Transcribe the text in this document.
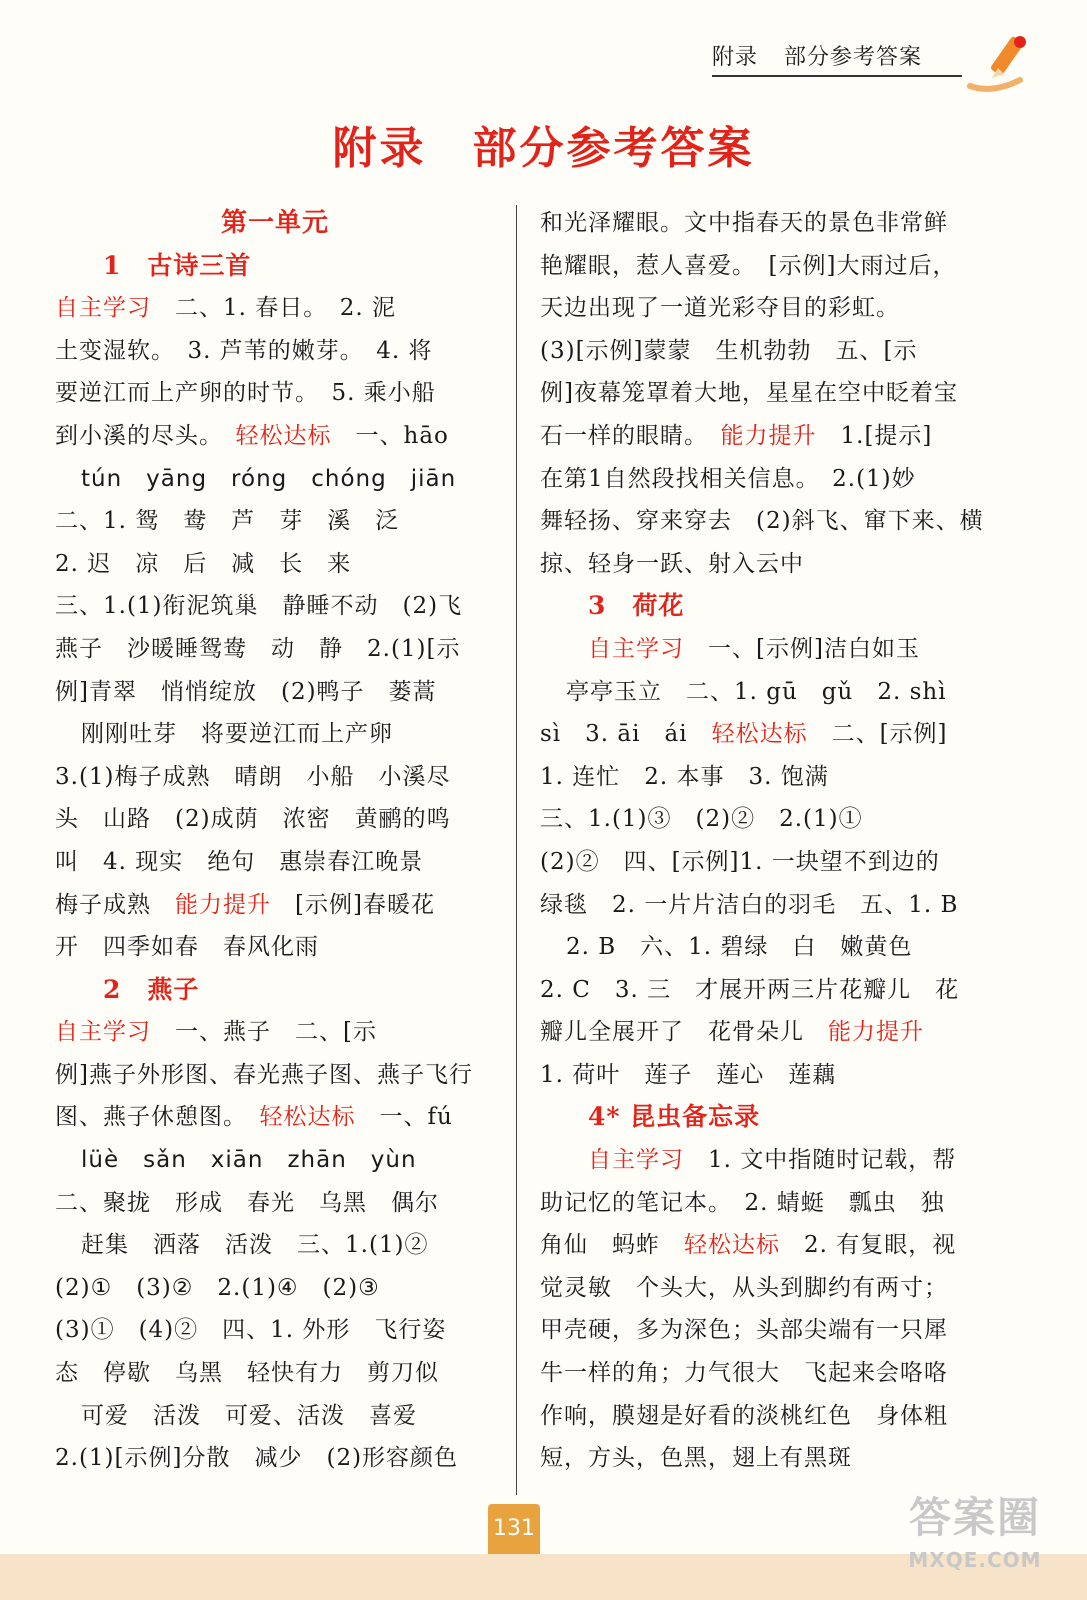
附录 部分参考答案
附录 部分参考答案
第一单元
1　古诗三首
自主学习　二、1. 春日。　2. 泥
土变湿软。　3. 芦苇的嫩芽。　4. 将
要逆江而上产卵的时节。　5. 乘小船
到小溪的尽头。　轻松达标　一、hāo
tún　yāng　róng　chóng　jiān
二、1. 鸳　鸯　芦　芽　溪　泛
2. 迟　凉　后　减　长　来
三、1.(1)衔泥筑巢　静睡不动　(2)飞
燕子　沙暖睡鸳鸯　动　静　2.(1)[示
例]青翠　悄悄绽放　(2)鸭子　蒌蒿
刚刚吐芽　将要逆江而上产卵
3.(1)梅子成熟　晴朗　小船　小溪尽
头　山路　(2)成荫　浓密　黄鹂的鸣
叫　4. 现实　绝句　惠崇春江晚景
梅子成熟　能力提升　[示例]春暖花
开　四季如春　春风化雨
2　燕子
自主学习　一、燕子　二、[示
例]燕子外形图、春光燕子图、燕子飞行
图、燕子休憩图。　轻松达标　一、fú
lüè　sǎn　xiān　zhān　yùn
二、聚拢　形成　春光　乌黑　偶尔
赶集　洒落　活泼　三、1.(1)②
(2)①　(3)②　2.(1)④　(2)③
(3)①　(4)②　四、1. 外形　飞行姿
态　停歇　乌黑　轻快有力　剪刀似
可爱　活泼　可爱、活泼　喜爱
2.(1)[示例]分散　减少　(2)形容颜色
和光泽耀眼。文中指春天的景色非常鲜
艳耀眼，惹人喜爱。　[示例]大雨过后，
天边出现了一道光彩夺目的彩虹。
(3)[示例]蒙蒙　生机勃勃　五、[示
例]夜幕笼罩着大地，星星在空中眨着宝
石一样的眼睛。　能力提升　1.[提示]
在第1自然段找相关信息。　2.(1)妙
舞轻扬、穿来穿去　(2)斜飞、窜下来、横
掠、轻身一跃、射入云中
3　荷花
自主学习　一、[示例]洁白如玉
亭亭玉立　二、1. gū　gǔ　2. shì
sì　3. āi　ái　轻松达标　二、[示例]
1. 连忙　2. 本事　3. 饱满
三、1.(1)③　(2)②　2.(1)①
(2)②　四、[示例]1. 一块望不到边的
绿毯　2. 一片片洁白的羽毛　五、1. B
2. B　六、1. 碧绿　白　嫩黄色
2. C　3. 三　才展开两三片花瓣儿　花
瓣儿全展开了　花骨朵儿　能力提升
1. 荷叶　莲子　莲心　莲藕
4* 昆虫备忘录
自主学习　1. 文中指随时记载，帮
助记忆的笔记本。　2. 蜻蜓　瓢虫　独
角仙　蚂蚱　轻松达标　2. 有复眼，视
觉灵敏　个头大，从头到脚约有两寸；
甲壳硬，多为深色；头部尖端有一只犀
牛一样的角；力气很大　飞起来会咯咯
作响，膜翅是好看的淡桃红色　身体粗
短，方头，色黑，翅上有黑斑
131	答案圈
MXQE.COM
